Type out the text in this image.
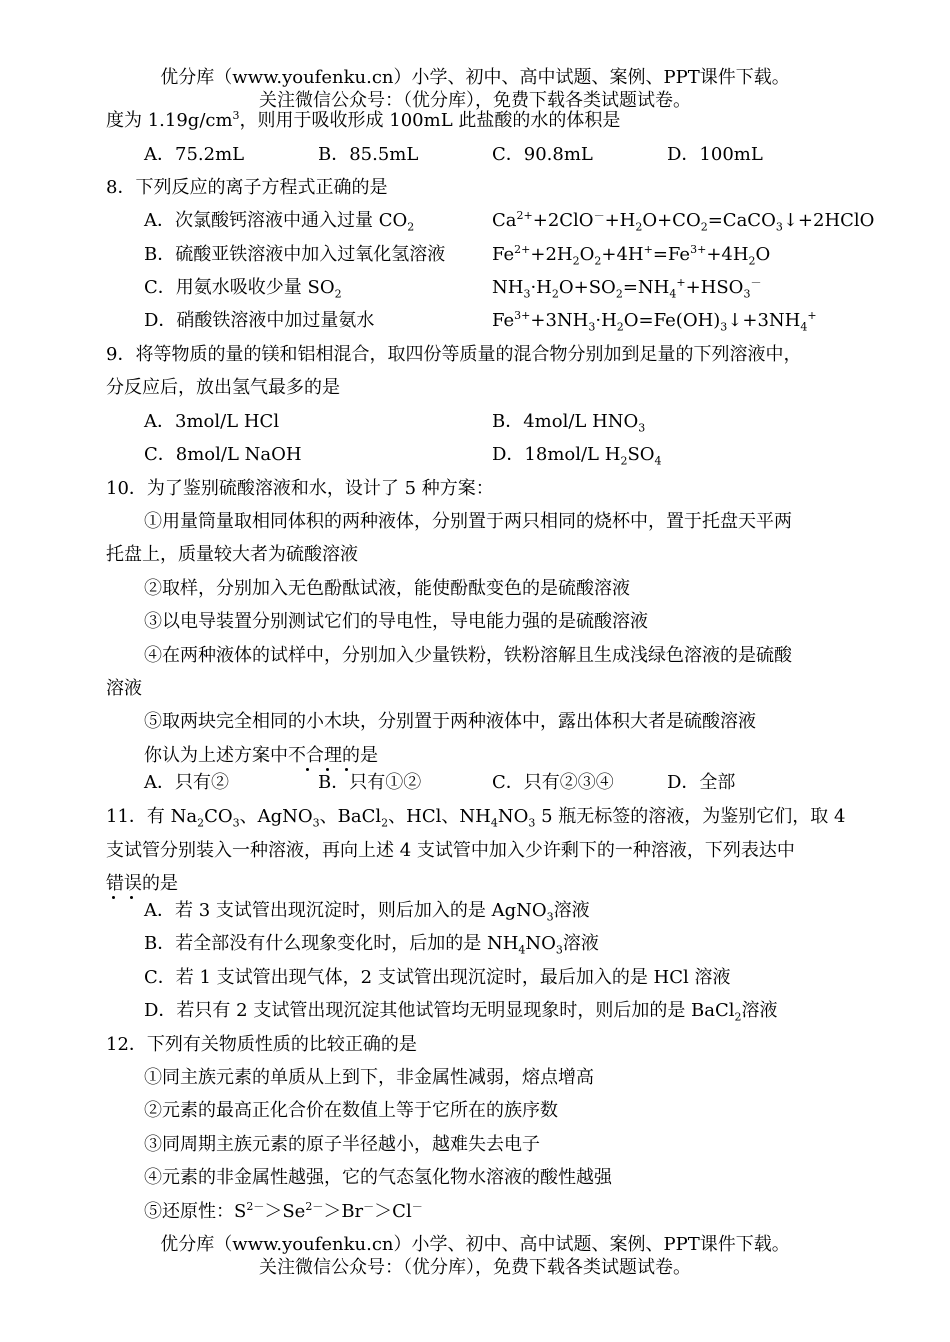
优分库（www.youfenku.cn）小学、初中、高中试题、案例、PPT课件下载。
关注微信公众号：（优分库），免费下载各类试题试卷。
度为 $1.19g/cm^3$，则用于吸收形成 100mL 此盐酸的水的体积是
A．75.2mL	B．85.5mL	C．90.8mL	D．100mL
8．下列反应的离子方程式正确的是
A．次氯酸钙溶液中通入过量 $CO_2$	$Ca^{2+}+2ClO^-+H_2O+CO_2=CaCO_3↓+2HClO$
B．硫酸亚铁溶液中加入过氧化氢溶液	$Fe^{2+}+2H_2O_2+4H^+=Fe^{3+}+4H_2O$
C．用氨水吸收少量 $SO_2$	$NH_3\cdot H_2O+SO_2=NH_4^++HSO_3^-$
D．硝酸铁溶液中加过量氨水	$Fe^{3+}+3NH_3\cdot H_2O=Fe(OH)_3↓+3NH_4^+$
9．将等物质的量的镁和铝相混合，取四份等质量的混合物分别加到足量的下列溶液中，
分反应后，放出氢气最多的是
A．3mol/L HCl	B．4mol/L $HNO_3$
C．8mol/L NaOH	D．18mol/L $H_2SO_4$
10．为了鉴别硫酸溶液和水，设计了 5 种方案：
①用量筒量取相同体积的两种液体，分别置于两只相同的烧杯中，置于托盘天平两
托盘上，质量较大者为硫酸溶液
②取样，分别加入无色酚酞试液，能使酚酞变色的是硫酸溶液
③以电导装置分别测试它们的导电性，导电能力强的是硫酸溶液
④在两种液体的试样中，分别加入少量铁粉，铁粉溶解且生成浅绿色溶液的是硫酸
溶液
⑤取两块完全相同的小木块，分别置于两种液体中，露出体积大者是硫酸溶液
你认为上述方案中不合理的是
A．只有②	B．只有①②	C．只有②③④	D．全部
11．有 $Na_2CO_3$、AgNO$_3$、BaCl$_2$、HCl、$NH_4NO_3$ 5 瓶无标签的溶液，为鉴别它们，取 4
支试管分别装入一种溶液，再向上述 4 支试管中加入少许剩下的一种溶液，下列表达中
错误的是
A．若 3 支试管出现沉淀时，则后加入的是 AgNO$_3$溶液
B．若全部没有什么现象变化时，后加的是 $NH_4NO_3$溶液
C．若 1 支试管出现气体，2 支试管出现沉淀时，最后加入的是 HCl 溶液
D．若只有 2 支试管出现沉淀其他试管均无明显现象时，则后加的是 BaCl$_2$溶液
12．下列有关物质性质的比较正确的是
①同主族元素的单质从上到下，非金属性减弱，熔点增高
②元素的最高正化合价在数值上等于它所在的族序数
③同周期主族元素的原子半径越小，越难失去电子
④元素的非金属性越强，它的气态氢化物水溶液的酸性越强
⑤还原性：$S^{2-}>Se^{2-}>Br^->Cl^-$
优分库（www.youfenku.cn）小学、初中、高中试题、案例、PPT课件下载。
关注微信公众号：（优分库），免费下载各类试题试卷。
